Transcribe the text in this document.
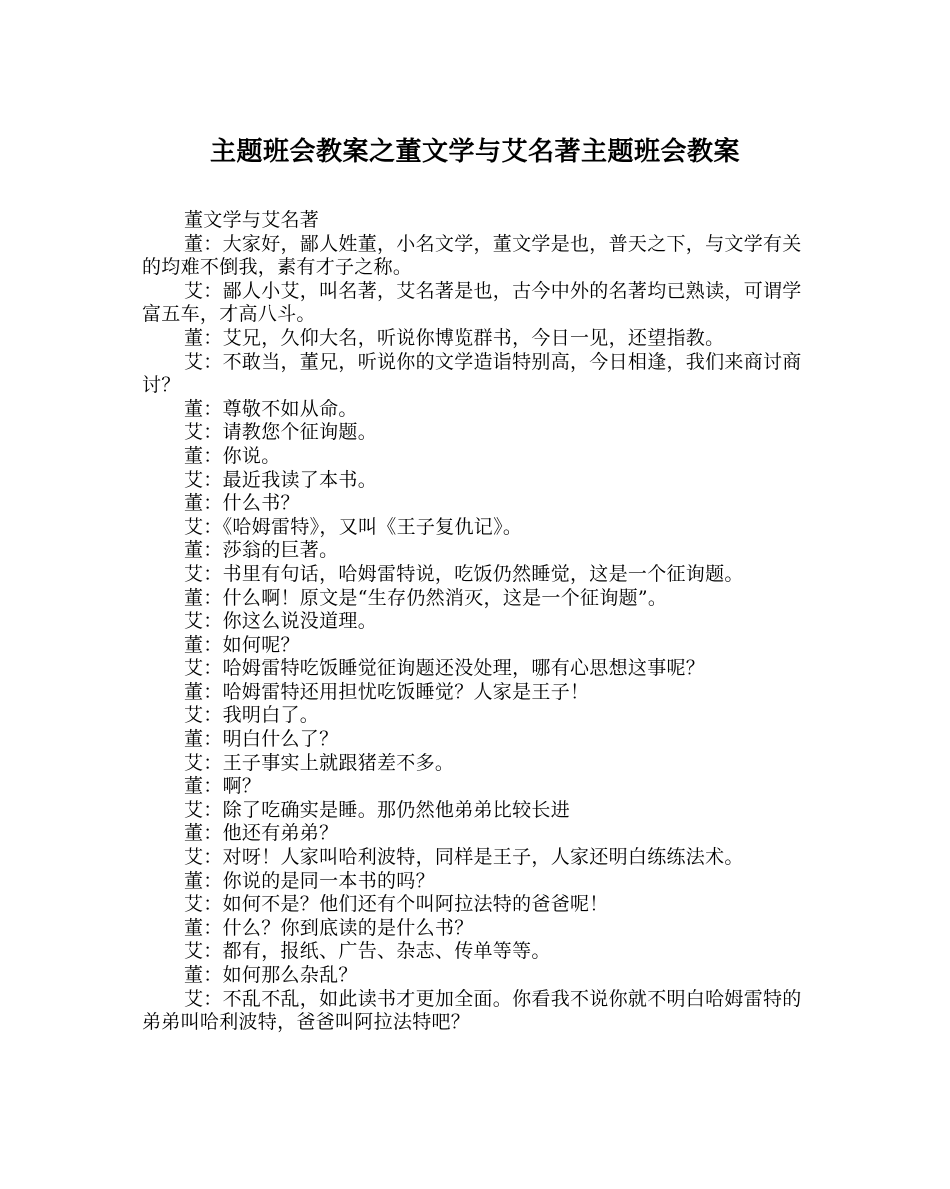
主题班会教案之董文学与艾名著主题班会教案

董文学与艾名著

董：大家好，鄙人姓董，小名文学，董文学是也，普天之下，与文学有关的均难不倒我，素有才子之称。

艾：鄙人小艾，叫名著，艾名著是也，古今中外的名著均已熟读，可谓学富五车，才高八斗。

董：艾兄，久仰大名，听说你博览群书，今日一见，还望指教。

艾：不敢当，董兄，听说你的文学造诣特别高，今日相逢，我们来商讨商讨？

董：尊敬不如从命。

艾：请教您个征询题。

董：你说。

艾：最近我读了本书。

董：什么书？

艾：《哈姆雷特》，又叫《王子复仇记》。

董：莎翁的巨著。

艾：书里有句话，哈姆雷特说，吃饭仍然睡觉，这是一个征询题。

董：什么啊！原文是“生存仍然消灭，这是一个征询题”。

艾：你这么说没道理。

董：如何呢？

艾：哈姆雷特吃饭睡觉征询题还没处理，哪有心思想这事呢？

董：哈姆雷特还用担忧吃饭睡觉？人家是王子！

艾：我明白了。

董：明白什么了？

艾：王子事实上就跟猪差不多。

董：啊？

艾：除了吃确实是睡。那仍然他弟弟比较长进

董：他还有弟弟？

艾：对呀！人家叫哈利波特，同样是王子，人家还明白练练法术。

董：你说的是同一本书的吗？

艾：如何不是？他们还有个叫阿拉法特的爸爸呢！

董：什么？你到底读的是什么书？

艾：都有，报纸、广告、杂志、传单等等。

董：如何那么杂乱？

艾：不乱不乱，如此读书才更加全面。你看我不说你就不明白哈姆雷特的弟弟叫哈利波特，爸爸叫阿拉法特吧？
